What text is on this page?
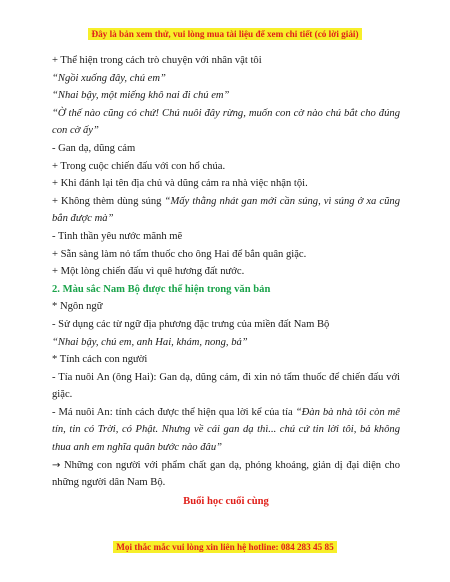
Đây là bản xem thử, vui lòng mua tài liệu để xem chi tiết (có lời giải)

+ Thể hiện trong cách trò chuyện với nhân vật tôi

“Ngồi xuống đây, chú em”

“Nhai bậy, một miếng khô nai đi chú em”

“Ờ thế nào cũng có chứ! Chú nuôi đây rừng, muốn con cờ nào chú bắt cho đúng con cờ ấy”

- Gan dạ, dũng cảm

+ Trong cuộc chiến đấu với con hổ chúa.

+ Khi đánh lại tên địa chủ và dũng cảm ra nhà việc nhận tội.

+ Không thèm dùng súng “Mấy thằng nhát gan mới cần súng, vì súng ở xa cũng bắn được mà”

- Tinh thần yêu nước mãnh mẽ

+ Sẵn sàng làm nỏ tẩm thuốc cho ông Hai để bắn quân giặc.

+ Một lòng chiến đấu vì quê hương đất nước.

2. Màu sắc Nam Bộ được thể hiện trong văn bản

* Ngôn ngữ

- Sử dụng các từ ngữ địa phương đặc trưng của miền đất Nam Bộ

“Nhai bậy, chú em, anh Hai, khám, nong, bả”

* Tính cách con người

- Tía nuôi An (ông Hai): Gan dạ, dũng cảm, đi xin nỏ tẩm thuốc để chiến đấu với giặc.

- Má nuôi An: tính cách được thể hiện qua lời kể của tía “Đàn bà nhà tôi còn mê tín, tin có Trời, có Phật. Nhưng về cái gan dạ thì... chú cứ tin lời tôi, bả không thua anh em nghĩa quân bước nào đâu”

→ Những con người với phẩm chất gan dạ, phóng khoáng, giản dị đại diện cho những người dân Nam Bộ.

Buổi học cuối cùng

Mọi thắc mắc vui lòng xin liên hệ hotline: 084 283 45 85
